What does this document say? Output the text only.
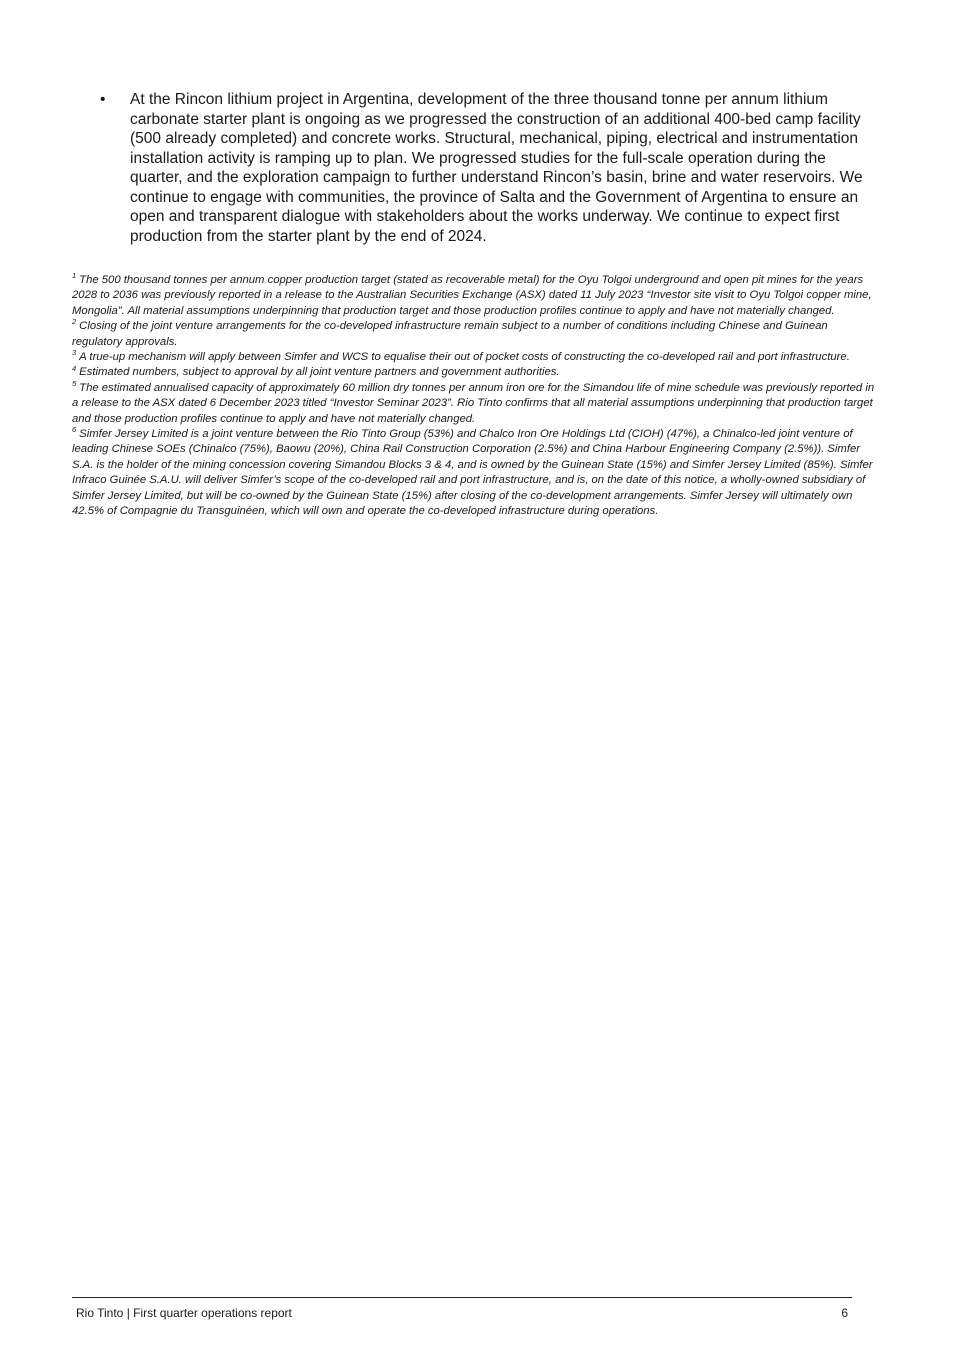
•	At the Rincon lithium project in Argentina, development of the three thousand tonne per annum lithium carbonate starter plant is ongoing as we progressed the construction of an additional 400-bed camp facility (500 already completed) and concrete works. Structural, mechanical, piping, electrical and instrumentation installation activity is ramping up to plan. We progressed studies for the full-scale operation during the quarter, and the exploration campaign to further understand Rincon’s basin, brine and water reservoirs. We continue to engage with communities, the province of Salta and the Government of Argentina to ensure an open and transparent dialogue with stakeholders about the works underway. We continue to expect first production from the starter plant by the end of 2024.

$^1$ The 500 thousand tonnes per annum copper production target (stated as recoverable metal) for the Oyu Tolgoi underground and open pit mines for the years 2028 to 2036 was previously reported in a release to the Australian Securities Exchange (ASX) dated 11 July 2023 “Investor site visit to Oyu Tolgoi copper mine, Mongolia”. All material assumptions underpinning that production target and those production profiles continue to apply and have not materially changed.

$^2$ Closing of the joint venture arrangements for the co-developed infrastructure remain subject to a number of conditions including Chinese and Guinean regulatory approvals.

$^3$ A true-up mechanism will apply between Simfer and WCS to equalise their out of pocket costs of constructing the co-developed rail and port infrastructure.

$^4$ Estimated numbers, subject to approval by all joint venture partners and government authorities.

$^5$ The estimated annualised capacity of approximately 60 million dry tonnes per annum iron ore for the Simandou life of mine schedule was previously reported in a release to the ASX dated 6 December 2023 titled “Investor Seminar 2023”. Rio Tinto confirms that all material assumptions underpinning that production target and those production profiles continue to apply and have not materially changed.

$^6$ Simfer Jersey Limited is a joint venture between the Rio Tinto Group (53%) and Chalco Iron Ore Holdings Ltd (CIOH) (47%), a Chinalco-led joint venture of leading Chinese SOEs (Chinalco (75%), Baowu (20%), China Rail Construction Corporation (2.5%) and China Harbour Engineering Company (2.5%)). Simfer S.A. is the holder of the mining concession covering Simandou Blocks 3 & 4, and is owned by the Guinean State (15%) and Simfer Jersey Limited (85%). Simfer Infraco Guinée S.A.U. will deliver Simfer’s scope of the co-developed rail and port infrastructure, and is, on the date of this notice, a wholly-owned subsidiary of Simfer Jersey Limited, but will be co-owned by the Guinean State (15%) after closing of the co-development arrangements. Simfer Jersey will ultimately own 42.5% of Compagnie du Transguinéen, which will own and operate the co-developed infrastructure during operations.

Rio Tinto | First quarter operations report	6
